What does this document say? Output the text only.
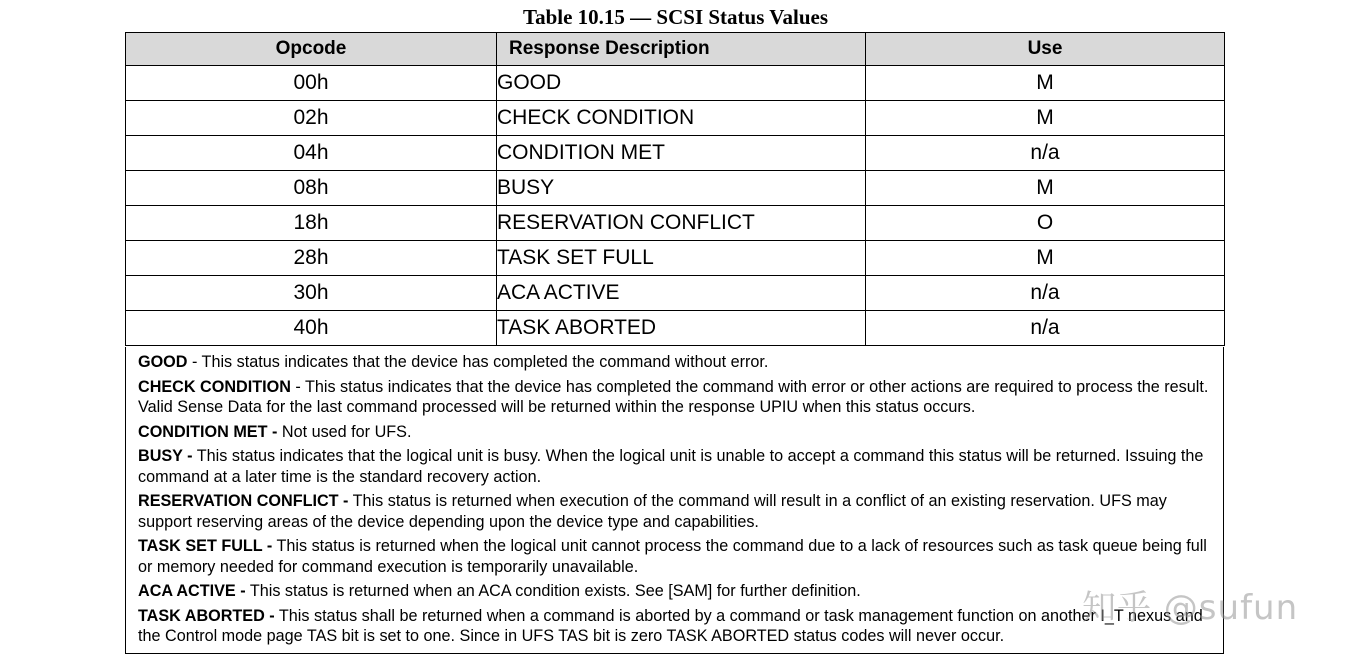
Table 10.15 — SCSI Status Values
Opcode	Response Description	Use
00h	GOOD	M
02h	CHECK CONDITION	M
04h	CONDITION MET	n/a
08h	BUSY	M
18h	RESERVATION CONFLICT	O
28h	TASK SET FULL	M
30h	ACA ACTIVE	n/a
40h	TASK ABORTED	n/a
GOOD - This status indicates that the device has completed the command without error.
CHECK CONDITION - This status indicates that the device has completed the command with error or other actions are required to process the result. Valid Sense Data for the last command processed will be returned within the response UPIU when this status occurs.
CONDITION MET - Not used for UFS.
BUSY - This status indicates that the logical unit is busy. When the logical unit is unable to accept a command this status will be returned. Issuing the command at a later time is the standard recovery action.
RESERVATION CONFLICT - This status is returned when execution of the command will result in a conflict of an existing reservation. UFS may support reserving areas of the device depending upon the device type and capabilities.
TASK SET FULL - This status is returned when the logical unit cannot process the command due to a lack of resources such as task queue being full or memory needed for command execution is temporarily unavailable.
ACA ACTIVE - This status is returned when an ACA condition exists. See [SAM] for further definition.
TASK ABORTED - This status shall be returned when a command is aborted by a command or task management function on another I_T nexus and the Control mode page TAS bit is set to one. Since in UFS TAS bit is zero TASK ABORTED status codes will never occur.
知乎 @sufun
